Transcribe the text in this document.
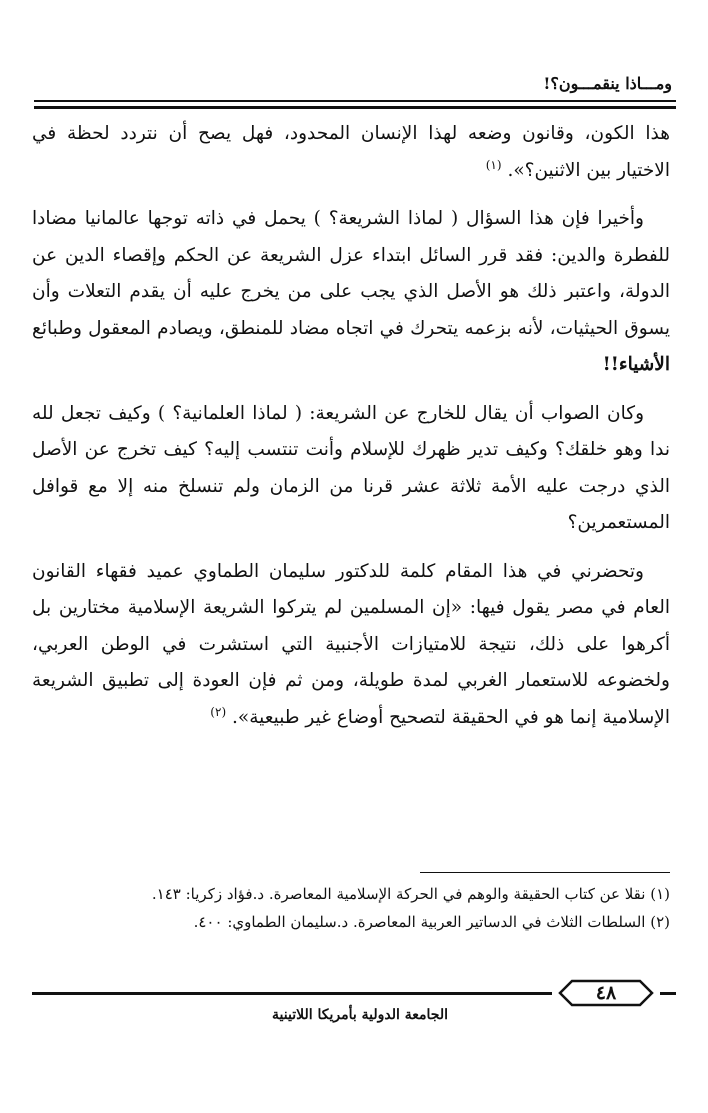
ومـــاذا ينقمـــون؟!

هذا الكون، وقانون وضعه لهذا الإنسان المحدود، فهل يصح أن نتردد لحظة في الاختيار بين الاثنين؟». $^{(١)}$

وأخيرا فإن هذا السؤال ( لماذا الشريعة؟ ) يحمل في ذاته توجها عالمانيا مضادا للفطرة والدين: فقد قرر السائل ابتداء عزل الشريعة عن الحكم وإقصاء الدين عن الدولة، واعتبر ذلك هو الأصل الذي يجب على من يخرج عليه أن يقدم التعلات وأن يسوق الحيثيات، لأنه بزعمه يتحرك في اتجاه مضاد للمنطق، ويصادم المعقول وطبائع الأشياء!!

وكان الصواب أن يقال للخارج عن الشريعة: ( لماذا العلمانية؟ ) وكيف تجعل لله ندا وهو خلقك؟ وكيف تدير ظهرك للإسلام وأنت تنتسب إليه؟ كيف تخرج عن الأصل الذي درجت عليه الأمة ثلاثة عشر قرنا من الزمان ولم تنسلخ منه إلا مع قوافل المستعمرين؟

وتحضرني في هذا المقام كلمة للدكتور سليمان الطماوي عميد فقهاء القانون العام في مصر يقول فيها: «إن المسلمين لم يتركوا الشريعة الإسلامية مختارين بل أكرهوا على ذلك، نتيجة للامتيازات الأجنبية التي استشرت في الوطن العربي، ولخضوعه للاستعمار الغربي لمدة طويلة، ومن ثم فإن العودة إلى تطبيق الشريعة الإسلامية إنما هو في الحقيقة لتصحيح أوضاع غير طبيعية». $^{(٢)}$

(١) نقلا عن كتاب الحقيقة والوهم في الحركة الإسلامية المعاصرة. د.فؤاد زكريا: ١٤٣.
(٢) السلطات الثلاث في الدساتير العربية المعاصرة. د.سليمان الطماوي: ٤٠٠.
٤٨
الجامعة الدولية بأمريكا اللاتينية
